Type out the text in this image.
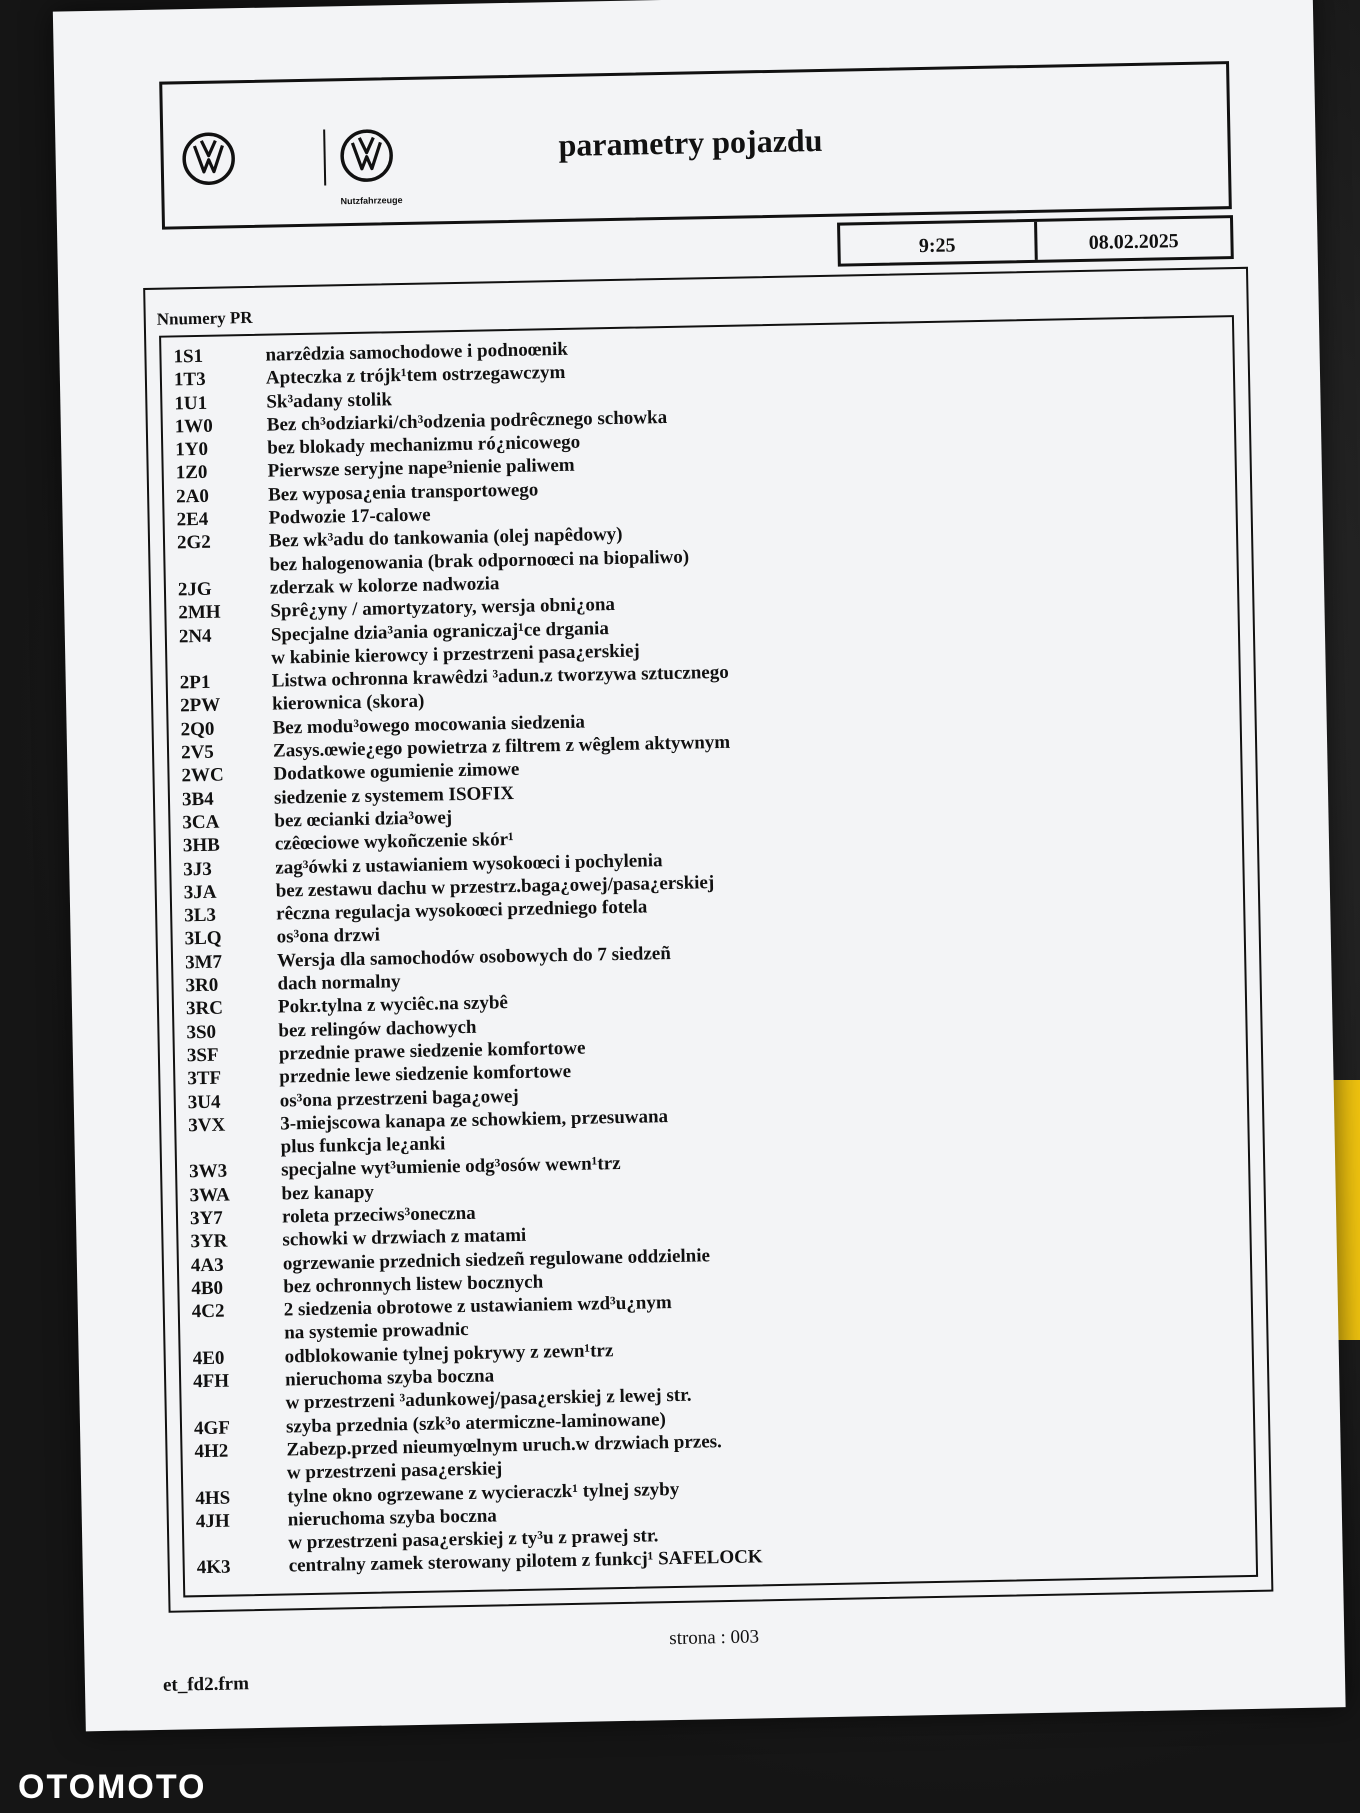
Nutzfahrzeuge
parametry pojazdu
9:25	08.02.2025
Nnumery PR
1S1	narzêdzia samochodowe i podnoœnik
1T3	Apteczka z trójk¹tem ostrzegawczym
1U1	Sk³adany stolik
1W0	Bez ch³odziarki/ch³odzenia podrêcznego schowka
1Y0	bez blokady mechanizmu ró¿nicowego
1Z0	Pierwsze seryjne nape³nienie paliwem
2A0	Bez wyposa¿enia transportowego
2E4	Podwozie 17-calowe
2G2	Bez wk³adu do tankowania (olej napêdowy)
bez halogenowania (brak odpornoœci na biopaliwo)
2JG	zderzak w kolorze nadwozia
2MH	Sprê¿yny / amortyzatory, wersja obni¿ona
2N4	Specjalne dzia³ania ograniczaj¹ce drgania
w kabinie kierowcy i przestrzeni pasa¿erskiej
2P1	Listwa ochronna krawêdzi ³adun.z tworzywa sztucznego
2PW	kierownica (skora)
2Q0	Bez modu³owego mocowania siedzenia
2V5	Zasys.œwie¿ego powietrza z filtrem z wêglem aktywnym
2WC	Dodatkowe ogumienie zimowe
3B4	siedzenie z systemem ISOFIX
3CA	bez œcianki dzia³owej
3HB	czêœciowe wykoñczenie skór¹
3J3	zag³ówki z ustawianiem wysokoœci i pochylenia
3JA	bez zestawu dachu w przestrz.baga¿owej/pasa¿erskiej
3L3	rêczna regulacja wysokoœci przedniego fotela
3LQ	os³ona drzwi
3M7	Wersja dla samochodów osobowych do 7 siedzeñ
3R0	dach normalny
3RC	Pokr.tylna z wyciêc.na szybê
3S0	bez relingów dachowych
3SF	przednie prawe siedzenie komfortowe
3TF	przednie lewe siedzenie komfortowe
3U4	os³ona przestrzeni baga¿owej
3VX	3-miejscowa kanapa ze schowkiem, przesuwana
plus funkcja le¿anki
3W3	specjalne wyt³umienie odg³osów wewn¹trz
3WA	bez kanapy
3Y7	roleta przeciws³oneczna
3YR	schowki w drzwiach z matami
4A3	ogrzewanie przednich siedzeñ regulowane oddzielnie
4B0	bez ochronnych listew bocznych
4C2	2 siedzenia obrotowe z ustawianiem wzd³u¿nym
na systemie prowadnic
4E0	odblokowanie tylnej pokrywy z zewn¹trz
4FH	nieruchoma szyba boczna
w przestrzeni ³adunkowej/pasa¿erskiej z lewej str.
4GF	szyba przednia (szk³o atermiczne-laminowane)
4H2	Zabezp.przed nieumyœlnym uruch.w drzwiach przes.
w przestrzeni pasa¿erskiej
4HS	tylne okno ogrzewane z wycieraczk¹ tylnej szyby
4JH	nieruchoma szyba boczna
w przestrzeni pasa¿erskiej z ty³u z prawej str.
4K3	centralny zamek sterowany pilotem z funkcj¹ SAFELOCK
strona : 003
et_fd2.frm
OTOMOTO
